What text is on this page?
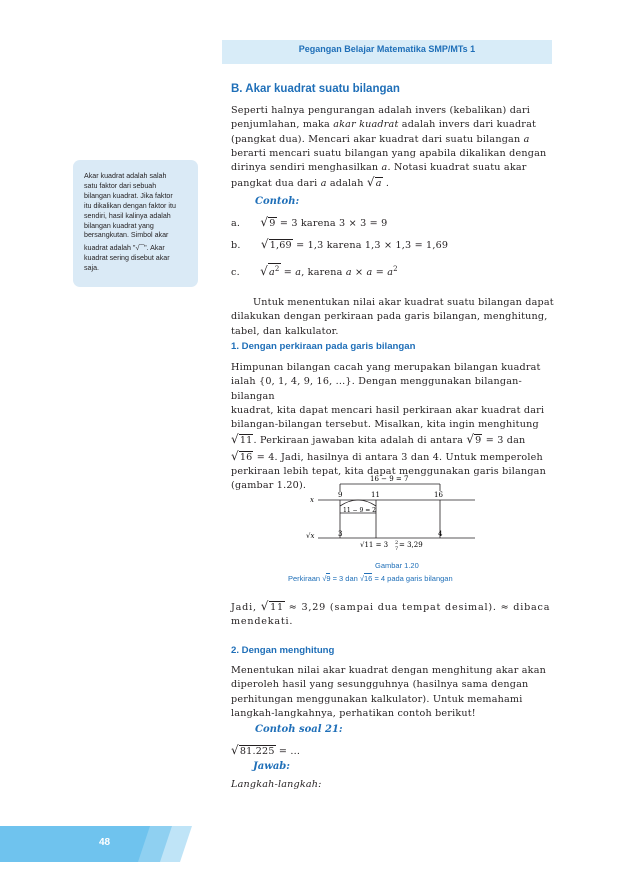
Pegangan Belajar Matematika SMP/MTs 1
B. Akar kuadrat suatu bilangan
Seperti halnya pengurangan adalah invers (kebalikan) dari
penjumlahan, maka akar kuadrat adalah invers dari kuadrat
(pangkat dua). Mencari akar kuadrat dari suatu bilangan a
berarti mencari suatu bilangan yang apabila dikalikan dengan
dirinya sendiri menghasilkan a. Notasi kuadrat suatu akar
pangkat dua dari a adalah √a .
Akar kuadrat adalah salah
satu faktor dari sebuah
bilangan kuadrat. Jika faktor
itu dikalikan dengan faktor itu
sendiri, hasil kalinya adalah
bilangan kuadrat yang
bersangkutan. Simbol akar
kuadrat adalah "√‾‾". Akar
kuadrat sering disebut akar
saja.
Contoh:
a. √9 = 3 karena 3 × 3 = 9
b. √1,69 = 1,3 karena 1,3 × 1,3 = 1,69
c. $√a^2 = a$, karena $a \times a = a^2$
Untuk menentukan nilai akar kuadrat suatu bilangan dapat
dilakukan dengan perkiraan pada garis bilangan, menghitung,
tabel, dan kalkulator.
1. Dengan perkiraan pada garis bilangan
Himpunan bilangan cacah yang merupakan bilangan kuadrat
ialah {0, 1, 4, 9, 16, ...}. Dengan menggunakan bilangan-bilangan
kuadrat, kita dapat mencari hasil perkiraan akar kuadrat dari
bilangan-bilangan tersebut. Misalkan, kita ingin menghitung
√11. Perkiraan jawaban kita adalah di antara √9 = 3 dan
√16 = 4. Jadi, hasilnya di antara 3 dan 4. Untuk memperoleh
perkiraan lebih tepat, kita dapat menggunakan garis bilangan
(gambar 1.20).
16 − 9 = 7
x
9	11	16
11 − 9 = 2
√x	3	4
√11 = 3 2
7 = 3,29
Gambar 1.20
Perkiraan √9 = 3 dan √16 = 4 pada garis bilangan
Jadi, √11 ≈ 3,29 (sampai dua tempat desimal). ≈ dibaca
mendekati.
2. Dengan menghitung
Menentukan nilai akar kuadrat dengan menghitung akar akan
diperoleh hasil yang sesungguhnya (hasilnya sama dengan
perhitungan menggunakan kalkulator). Untuk memahami
langkah-langkahnya, perhatikan contoh berikut!
Contoh soal 21:
√81.225 = ...
Jawab:
Langkah-langkah:
48
